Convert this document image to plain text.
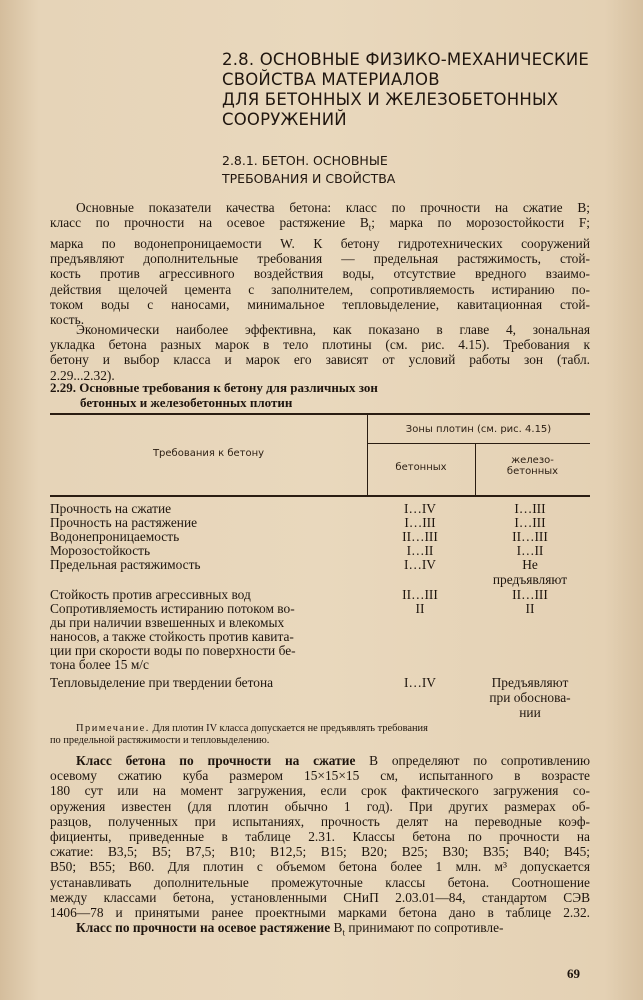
2.8. ОСНОВНЫЕ ФИЗИКО-МЕХАНИЧЕСКИЕ
СВОЙСТВА МАТЕРИАЛОВ
ДЛЯ БЕТОННЫХ И ЖЕЛЕЗОБЕТОННЫХ
СООРУЖЕНИЙ
2.8.1. БЕТОН. ОСНОВНЫЕ
ТРЕБОВАНИЯ И СВОЙСТВА
Основные показатели качества бетона: класс по прочности на сжатие B;
класс по прочности на осевое растяжение $B_t$; марка по морозостойкости F;
марка по водонепроницаемости W. К бетону гидротехнических сооружений
предъявляют дополнительные требования — предельная растяжимость, стой-
кость против агрессивного воздействия воды, отсутствие вредного взаимо-
действия щелочей цемента с заполнителем, сопротивляемость истиранию по-
током воды с наносами, минимальное тепловыделение, кавитационная стой-
кость.
Экономически наиболее эффективна, как показано в главе 4, зональная
укладка бетона разных марок в тело плотины (см. рис. 4.15). Требования к
бетону и выбор класса и марок его зависят от условий работы зон (табл.
2.29...2.32).
2.29. Основные требования к бетону для различных зон
бетонных и железобетонных плотин
Требования к бетону
Зоны плотин (см. рис. 4.15)
бетонных
железо-
бетонных
Прочность на сжатие	I…IV	I…III
Прочность на растяжение	I…III	I…III
Водонепроницаемость	II…III	II…III
Морозостойкость	I…II	I…II
Предельная растяжимость	I…IV	Не
предъявляют
Стойкость против агрессивных вод	II…III	II…III
Сопротивляемость истиранию потоком во-
ды при наличии взвешенных и влекомых
наносов, а также стойкость против кавита-
ции при скорости воды по поверхности бе-
тона более 15 м/с
II	II
Тепловыделение при твердении бетона	I…IV	Предъявляют
при обоснова-
нии
Примечание. Для плотин IV класса допускается не предъявлять требования
по предельной растяжимости и тепловыделению.
Класс бетона по прочности на сжатие B определяют по сопротивлению
осевому сжатию куба размером 15×15×15 см, испытанного в возрасте
180 сут или на момент загружения, если срок фактического загружения со-
оружения известен (для плотин обычно 1 год). При других размерах об-
разцов, полученных при испытаниях, прочность делят на переводные коэф-
фициенты, приведенные в таблице 2.31. Классы бетона по прочности на
сжатие: B3,5; B5; B7,5; B10; B12,5; B15; B20; B25; B30; B35; B40; B45;
B50; B55; B60. Для плотин с объемом бетона более 1 млн. м³ допускается
устанавливать дополнительные промежуточные классы бетона. Соотношение
между классами бетона, установленными СНиП 2.03.01—84, стандартом СЭВ
1406—78 и принятыми ранее проектными марками бетона дано в таблице 2.32.
Класс по прочности на осевое растяжение $B_t$ принимают по сопротивле-
69
